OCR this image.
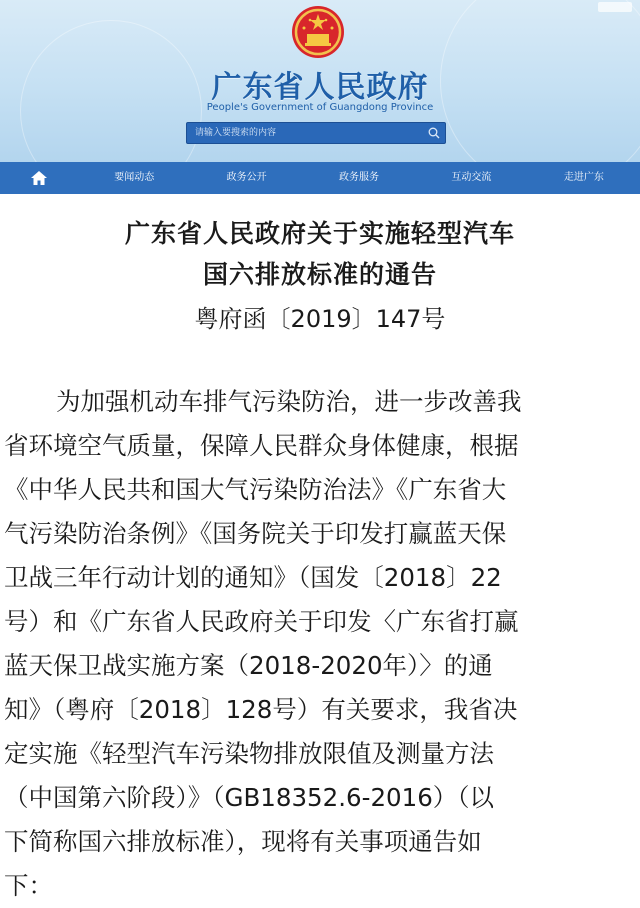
广东省人民政府
People's Government of Guangdong Province
请输入要搜索的内容
要闻动态	政务公开	政务服务	互动交流	走进广东
广东省人民政府关于实施轻型汽车
国六排放标准的通告
粤府函〔2019〕147号
为加强机动车排气污染防治，进一步改善我
省环境空气质量，保障人民群众身体健康，根据
《中华人民共和国大气污染防治法》《广东省大
气污染防治条例》《国务院关于印发打赢蓝天保
卫战三年行动计划的通知》（国发〔2018〕22
号）和《广东省人民政府关于印发〈广东省打赢
蓝天保卫战实施方案（2018-2020年）〉的通
知》（粤府〔2018〕128号）有关要求，我省决
定实施《轻型汽车污染物排放限值及测量方法
（中国第六阶段）》（GB18352.6-2016）（以
下简称国六排放标准），现将有关事项通告如
下：
